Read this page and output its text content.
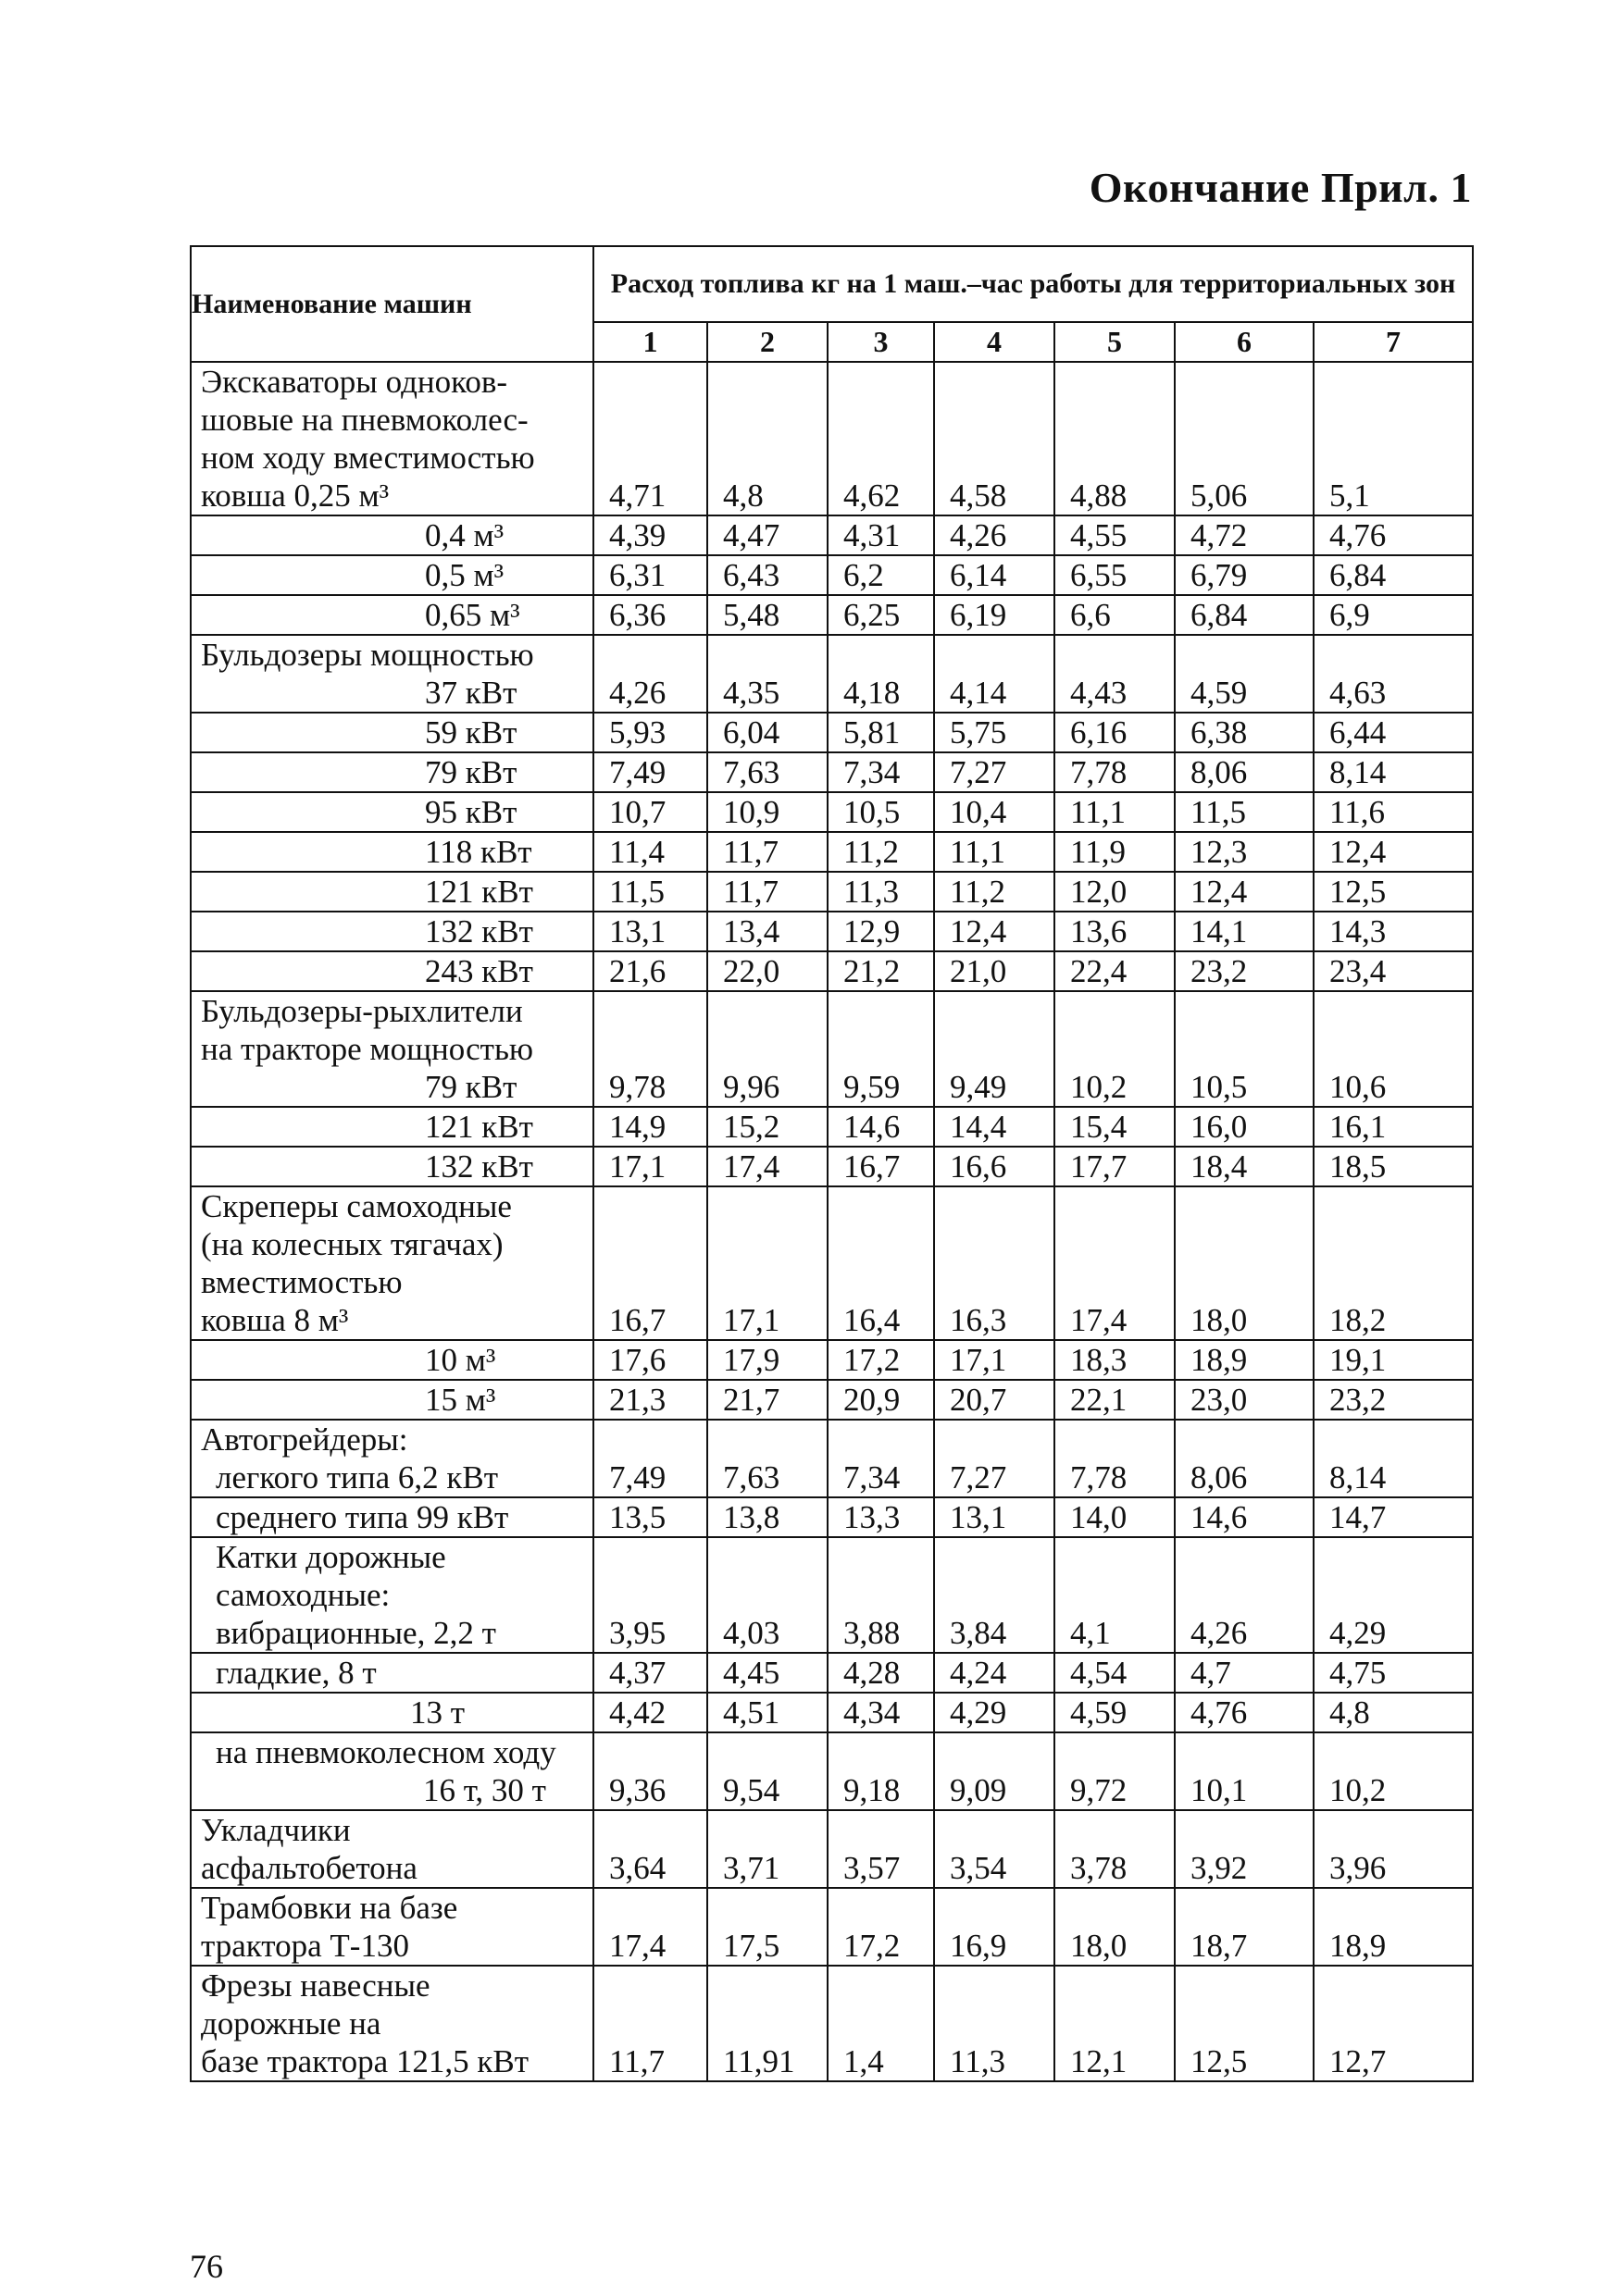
Окончание Прил. 1
Наименование машин	Расход топлива кг на 1 маш.–час работы для территориальных зон						
	1	2	3	4	5	6	7

Экскаваторы одноков-
шовые на пневмоколес-
ном ходу вместимостью
ковша 0,25 м³	4,71	4,8	4,62	4,58	4,88	5,06	5,1

0,4 м³	4,39	4,47	4,31	4,26	4,55	4,72	4,76

0,5 м³	6,31	6,43	6,2	6,14	6,55	6,79	6,84

0,65 м³	6,36	5,48	6,25	6,19	6,6	6,84	6,9

Бульдозеры мощностью
37 кВт	4,26	4,35	4,18	4,14	4,43	4,59	4,63

59 кВт	5,93	6,04	5,81	5,75	6,16	6,38	6,44

79 кВт	7,49	7,63	7,34	7,27	7,78	8,06	8,14

95 кВт	10,7	10,9	10,5	10,4	11,1	11,5	11,6

118 кВт	11,4	11,7	11,2	11,1	11,9	12,3	12,4

121 кВт	11,5	11,7	11,3	11,2	12,0	12,4	12,5

132 кВт	13,1	13,4	12,9	12,4	13,6	14,1	14,3

243 кВт	21,6	22,0	21,2	21,0	22,4	23,2	23,4

Бульдозеры-рыхлители
на тракторе мощностью
79 кВт	9,78	9,96	9,59	9,49	10,2	10,5	10,6

121 кВт	14,9	15,2	14,6	14,4	15,4	16,0	16,1

132 кВт	17,1	17,4	16,7	16,6	17,7	18,4	18,5

Скреперы самоходные
(на колесных тягачах)
вместимостью
ковша 8 м³	16,7	17,1	16,4	16,3	17,4	18,0	18,2

10 м³	17,6	17,9	17,2	17,1	18,3	18,9	19,1

15 м³	21,3	21,7	20,9	20,7	22,1	23,0	23,2

Автогрейдеры:
легкого типа 6,2 кВт	7,49	7,63	7,34	7,27	7,78	8,06	8,14

среднего типа 99 кВт	13,5	13,8	13,3	13,1	14,0	14,6	14,7

Катки дорожные
самоходные:
вибрационные, 2,2 т	3,95	4,03	3,88	3,84	4,1	4,26	4,29

гладкие, 8 т	4,37	4,45	4,28	4,24	4,54	4,7	4,75

13 т	4,42	4,51	4,34	4,29	4,59	4,76	4,8

на пневмоколесном ходу
16 т, 30 т	9,36	9,54	9,18	9,09	9,72	10,1	10,2

Укладчики
асфальтобетона	3,64	3,71	3,57	3,54	3,78	3,92	3,96

Трамбовки на базе
трактора Т-130	17,4	17,5	17,2	16,9	18,0	18,7	18,9

Фрезы навесные
дорожные на
базе трактора 121,5 кВт	11,7	11,91	1,4	11,3	12,1	12,5	12,7
76
